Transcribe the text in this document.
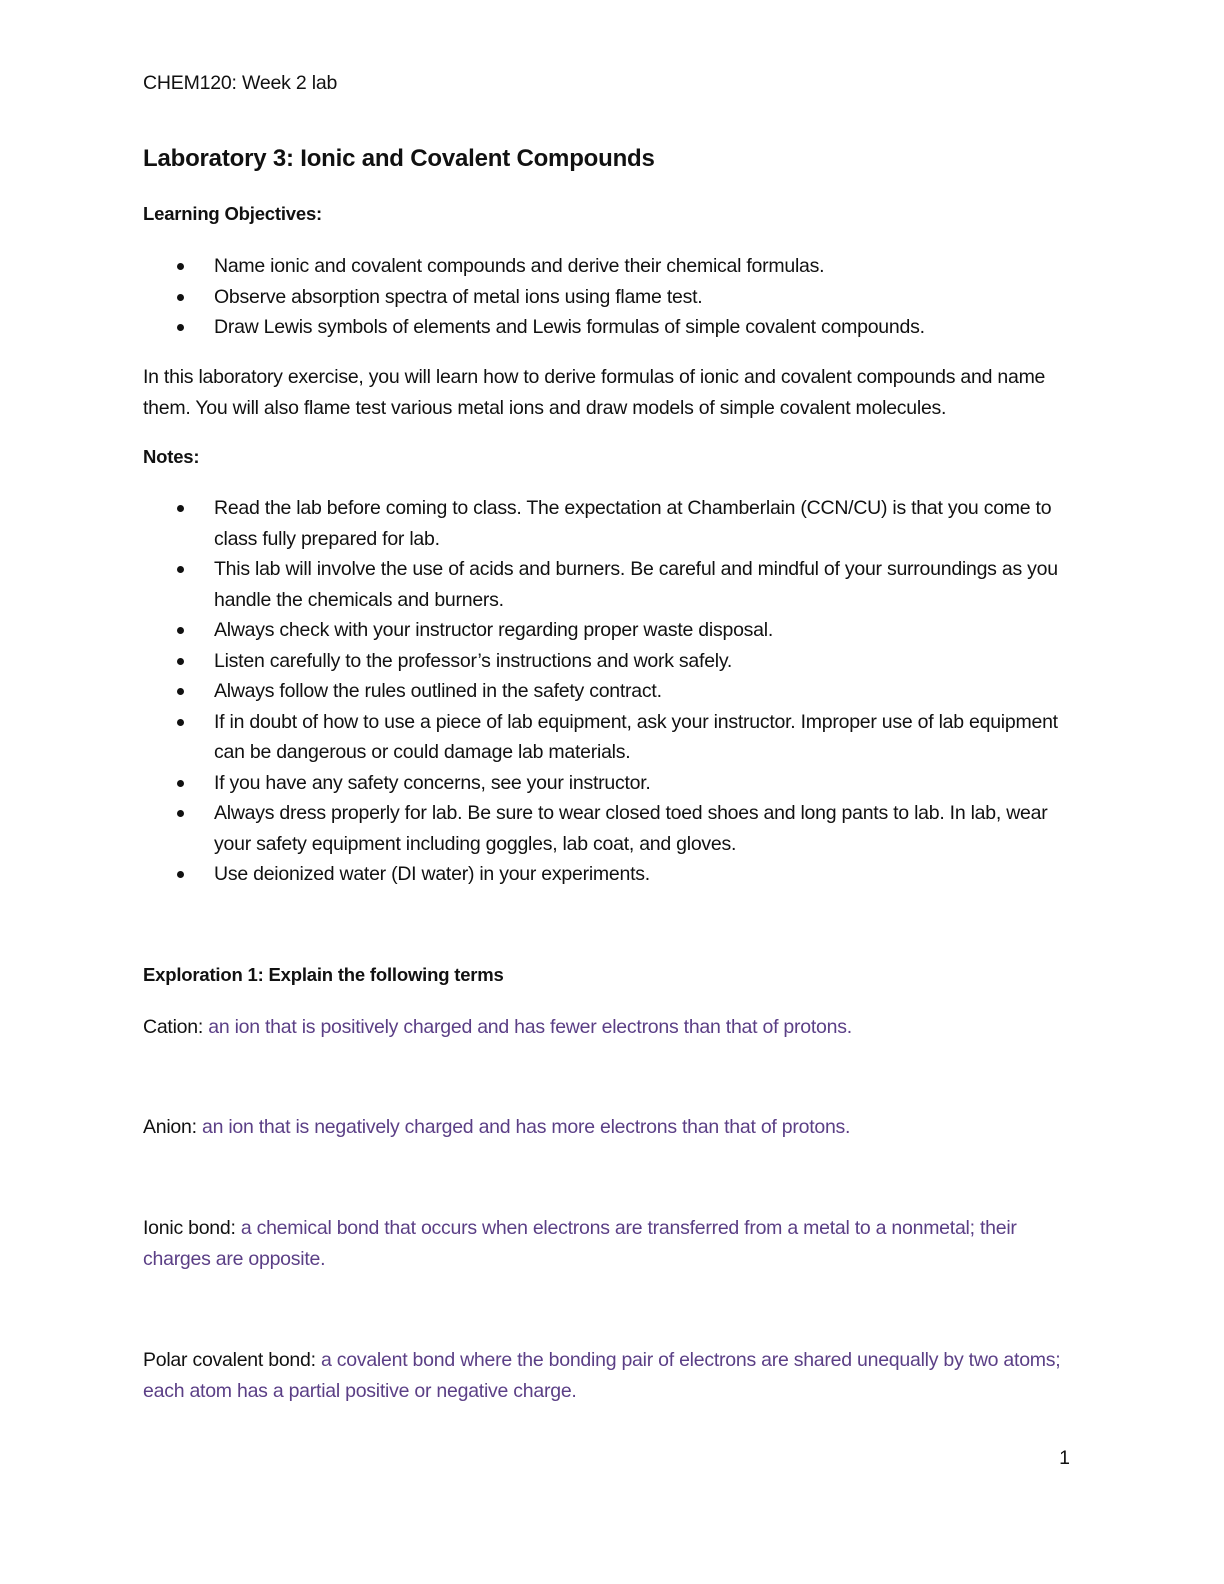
CHEM120: Week 2 lab
Laboratory 3: Ionic and Covalent Compounds
Learning Objectives:
Name ionic and covalent compounds and derive their chemical formulas.
Observe absorption spectra of metal ions using flame test.
Draw Lewis symbols of elements and Lewis formulas of simple covalent compounds.

In this laboratory exercise, you will learn how to derive formulas of ionic and covalent compounds and name them. You will also flame test various metal ions and draw models of simple covalent molecules.

Notes:
Read the lab before coming to class. The expectation at Chamberlain (CCN/CU) is that you come to class fully prepared for lab.
This lab will involve the use of acids and burners. Be careful and mindful of your surroundings as you handle the chemicals and burners.
Always check with your instructor regarding proper waste disposal.
Listen carefully to the professor’s instructions and work safely.
Always follow the rules outlined in the safety contract.
If in doubt of how to use a piece of lab equipment, ask your instructor. Improper use of lab equipment can be dangerous or could damage lab materials.
If you have any safety concerns, see your instructor.
Always dress properly for lab. Be sure to wear closed toed shoes and long pants to lab. In lab, wear your safety equipment including goggles, lab coat, and gloves.
Use deionized water (DI water) in your experiments.
Exploration 1: Explain the following terms
Cation: an ion that is positively charged and has fewer electrons than that of protons.
Anion: an ion that is negatively charged and has more electrons than that of protons.
Ionic bond: a chemical bond that occurs when electrons are transferred from a metal to a nonmetal; their charges are opposite.
Polar covalent bond: a covalent bond where the bonding pair of electrons are shared unequally by two atoms; each atom has a partial positive or negative charge.
1
